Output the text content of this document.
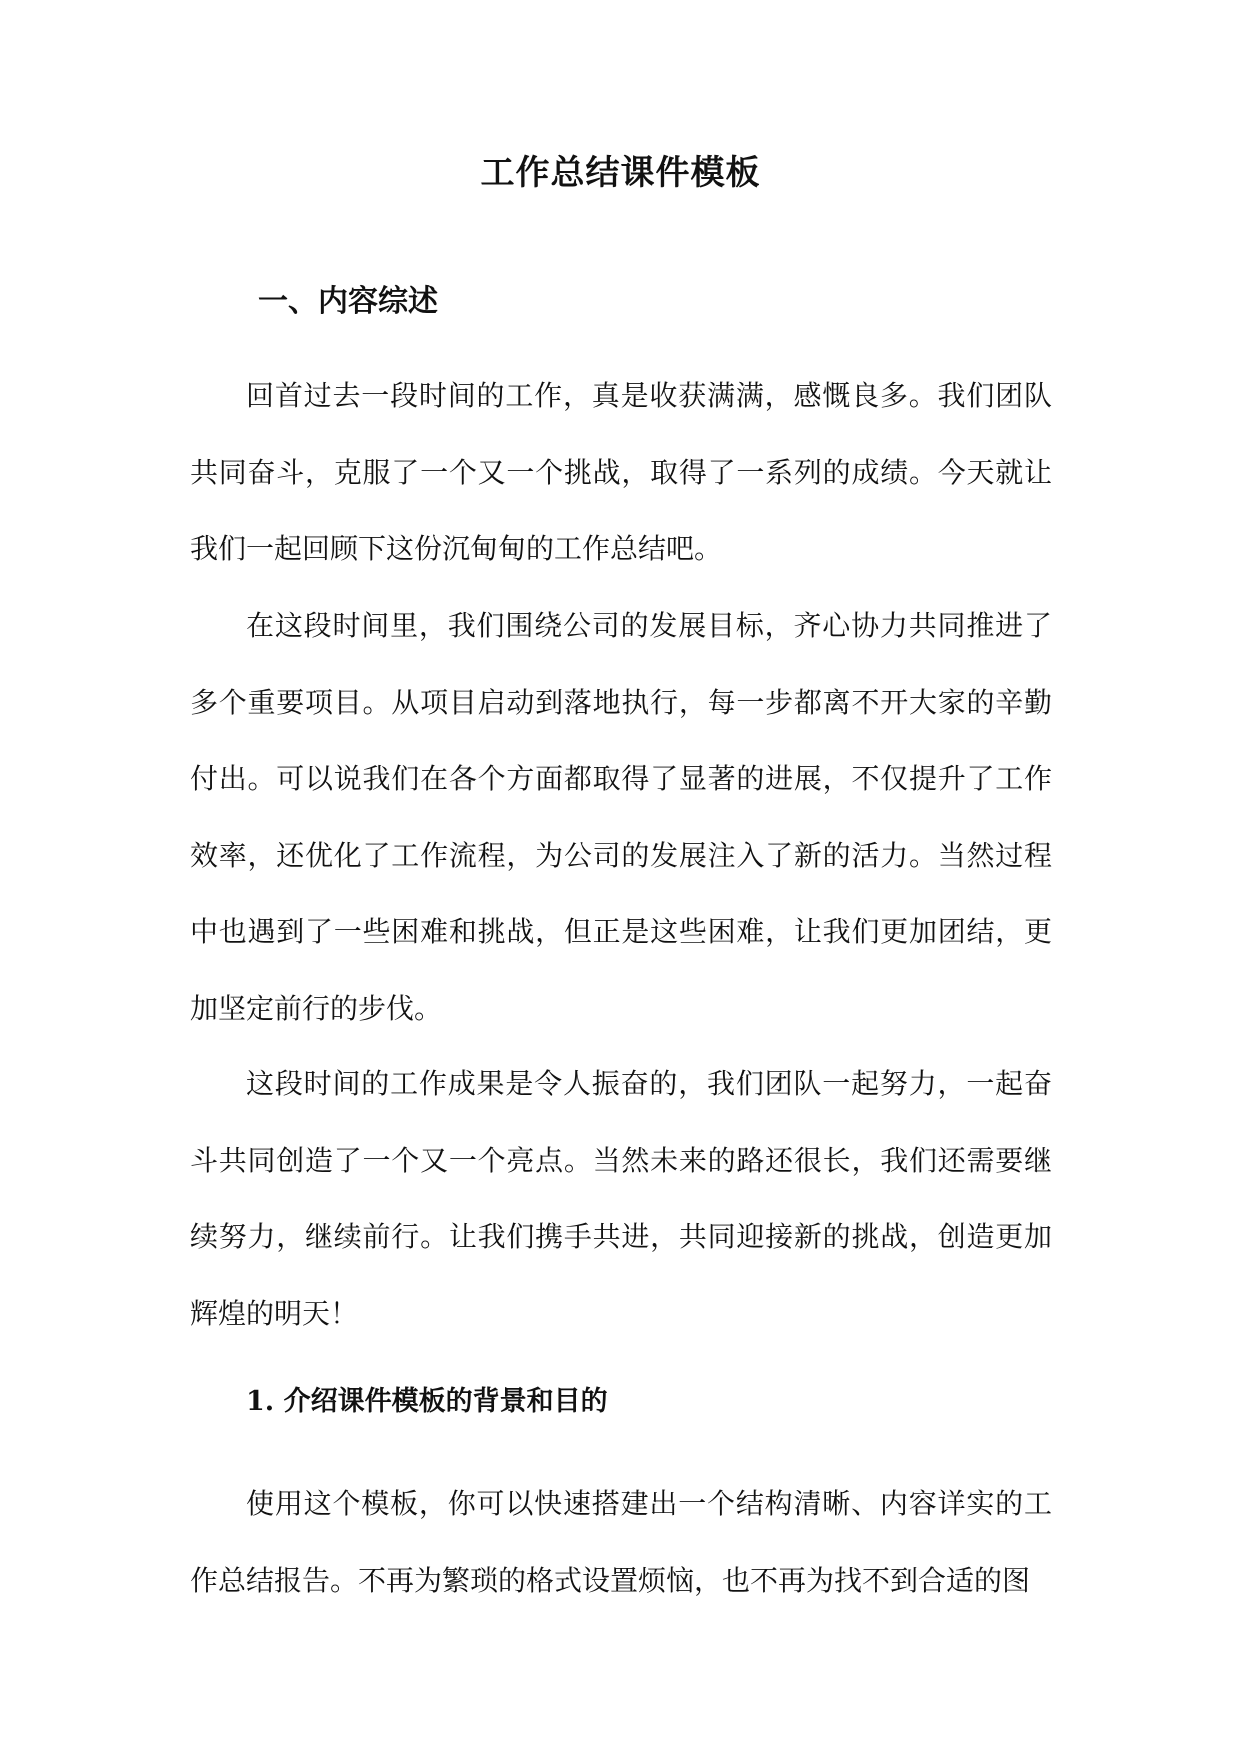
工作总结课件模板
一、内容综述

回首过去一段时间的工作，真是收获满满，感慨良多。我们团队共同奋斗，克服了一个又一个挑战，取得了一系列的成绩。今天就让我们一起回顾下这份沉甸甸的工作总结吧。

在这段时间里，我们围绕公司的发展目标，齐心协力共同推进了多个重要项目。从项目启动到落地执行，每一步都离不开大家的辛勤付出。可以说我们在各个方面都取得了显著的进展，不仅提升了工作效率，还优化了工作流程，为公司的发展注入了新的活力。当然过程中也遇到了一些困难和挑战，但正是这些困难，让我们更加团结，更加坚定前行的步伐。

这段时间的工作成果是令人振奋的，我们团队一起努力，一起奋斗共同创造了一个又一个亮点。当然未来的路还很长，我们还需要继续努力，继续前行。让我们携手共进，共同迎接新的挑战，创造更加辉煌的明天！

1. 介绍课件模板的背景和目的

使用这个模板，你可以快速搭建出一个结构清晰、内容详实的工作总结报告。不再为繁琐的格式设置烦恼，也不再为找不到合适的图
